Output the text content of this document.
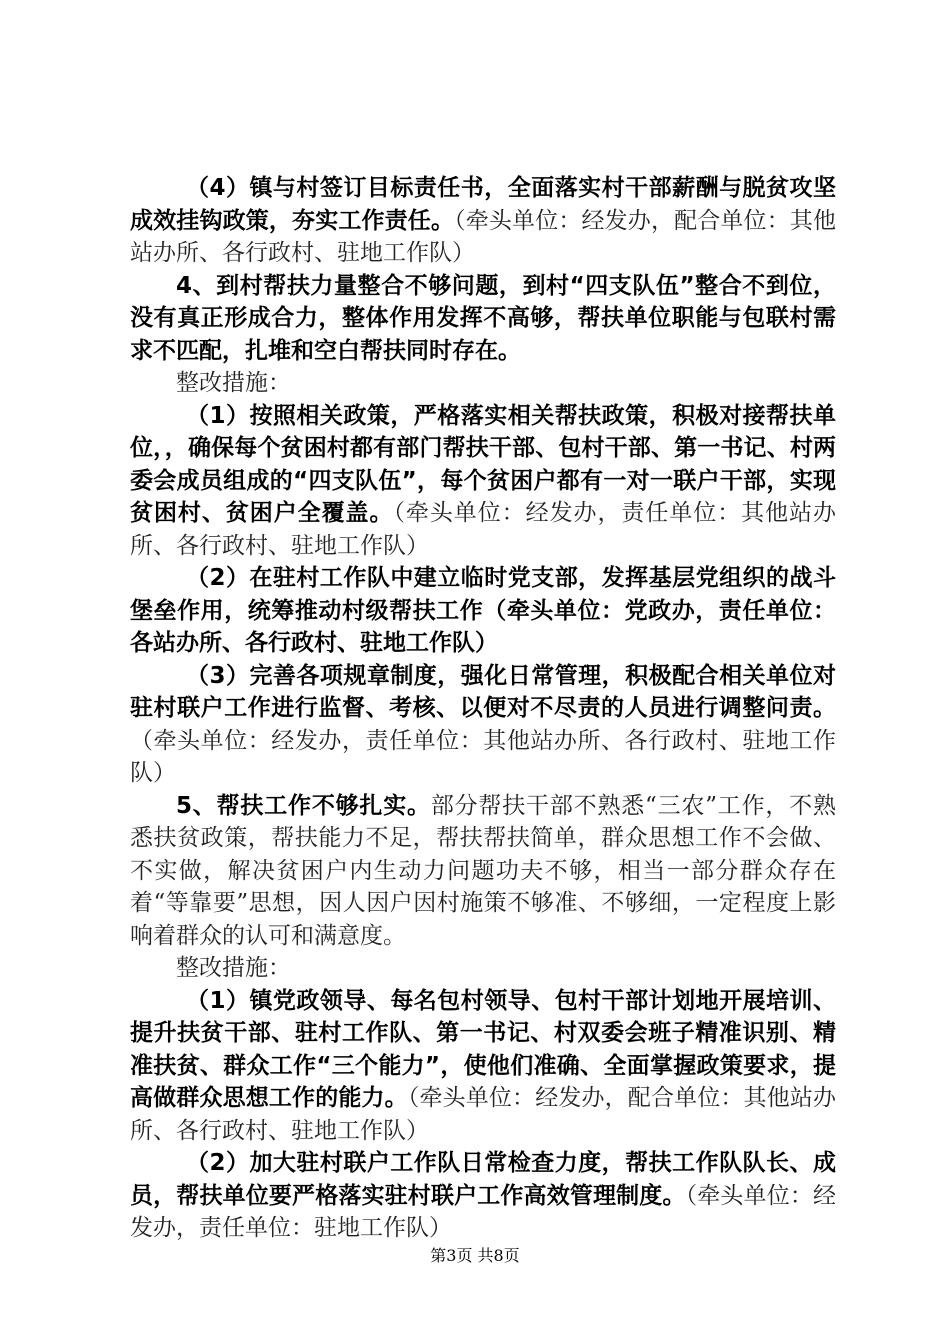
（4）镇与村签订目标责任书，全面落实村干部薪酬与脱贫攻坚成效挂钩政策，夯实工作责任。（牵头单位：经发办，配合单位：其他站办所、各行政村、驻地工作队）

4、到村帮扶力量整合不够问题，到村“四支队伍”整合不到位，没有真正形成合力，整体作用发挥不高够，帮扶单位职能与包联村需求不匹配，扎堆和空白帮扶同时存在。

整改措施：

（1）按照相关政策，严格落实相关帮扶政策，积极对接帮扶单位，，确保每个贫困村都有部门帮扶干部、包村干部、第一书记、村两委会成员组成的“四支队伍”，每个贫困户都有一对一联户干部，实现贫困村、贫困户全覆盖。（牵头单位：经发办，责任单位：其他站办所、各行政村、驻地工作队）

（2）在驻村工作队中建立临时党支部，发挥基层党组织的战斗堡垒作用，统筹推动村级帮扶工作（牵头单位：党政办，责任单位：各站办所、各行政村、驻地工作队）

（3）完善各项规章制度，强化日常管理，积极配合相关单位对驻村联户工作进行监督、考核、以便对不尽责的人员进行调整问责。（牵头单位：经发办，责任单位：其他站办所、各行政村、驻地工作队）

5、帮扶工作不够扎实。部分帮扶干部不熟悉“三农”工作，不熟悉扶贫政策，帮扶能力不足，帮扶帮扶简单，群众思想工作不会做、不实做，解决贫困户内生动力问题功夫不够，相当一部分群众存在着“等靠要”思想，因人因户因村施策不够准、不够细，一定程度上影响着群众的认可和满意度。

整改措施：

（1）镇党政领导、每名包村领导、包村干部计划地开展培训、提升扶贫干部、驻村工作队、第一书记、村双委会班子精准识别、精准扶贫、群众工作“三个能力”，使他们准确、全面掌握政策要求，提高做群众思想工作的能力。（牵头单位：经发办，配合单位：其他站办所、各行政村、驻地工作队）

（2）加大驻村联户工作队日常检查力度，帮扶工作队队长、成员，帮扶单位要严格落实驻村联户工作高效管理制度。（牵头单位：经发办，责任单位：驻地工作队）

第3页 共8页
